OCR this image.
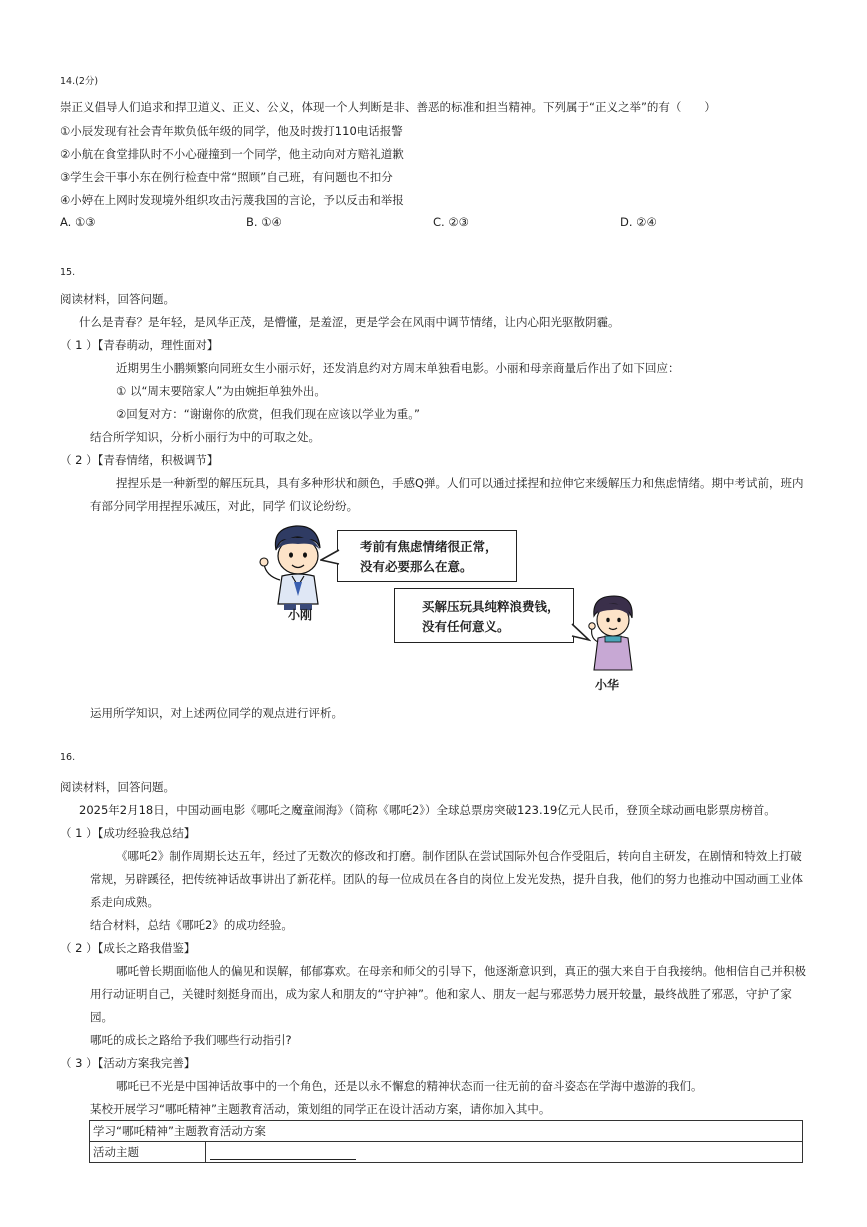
14.(2分)
崇正义倡导人们追求和捍卫道义、正义、公义，体现一个人判断是非、善恶的标准和担当精神。下列属于“正义之举”的有（　　）
①小辰发现有社会青年欺负低年级的同学，他及时拨打110电话报警
②小航在食堂排队时不小心碰撞到一个同学，他主动向对方赔礼道歉
③学生会干事小东在例行检查中常“照顾”自己班，有问题也不扣分
④小婷在上网时发现境外组织攻击污蔑我国的言论，予以反击和举报
A. ①③	B. ①④	C. ②③	D. ②④
15.
阅读材料，回答问题。
什么是青春？是年轻，是风华正茂，是懵懂，是羞涩，更是学会在风雨中调节情绪，让内心阳光驱散阴霾。
（ 1 ）【青春萌动，理性面对】
近期男生小鹏频繁向同班女生小丽示好，还发消息约对方周末单独看电影。小丽和母亲商量后作出了如下回应：
① 以“周末要陪家人”为由婉拒单独外出。
②回复对方：“谢谢你的欣赏，但我们现在应该以学业为重。”
结合所学知识，分析小丽行为中的可取之处。
（ 2 ）【青春情绪，积极调节】
捏捏乐是一种新型的解压玩具，具有多种形状和颜色，手感Q弹。人们可以通过揉捏和拉伸它来缓解压力和焦虑情绪。期中考试前，班内
有部分同学用捏捏乐减压，对此，同学 们议论纷纷。
小刚
考前有焦虑情绪很正常，
没有必要那么在意。
买解压玩具纯粹浪费钱，
没有任何意义。
小华
运用所学知识，对上述两位同学的观点进行评析。
16.
阅读材料，回答问题。
2025年2月18日，中国动画电影《哪吒之魔童闹海》（简称《哪吒2》）全球总票房突破123.19亿元人民币，登顶全球动画电影票房榜首。
（ 1 ）【成功经验我总结】
《哪吒2》制作周期长达五年，经过了无数次的修改和打磨。制作团队在尝试国际外包合作受阻后，转向自主研发，在剧情和特效上打破
常规，另辟蹊径，把传统神话故事讲出了新花样。团队的每一位成员在各自的岗位上发光发热，提升自我，他们的努力也推动中国动画工业体
系走向成熟。
结合材料，总结《哪吒2》的成功经验。
（ 2 ）【成长之路我借鉴】
哪吒曾长期面临他人的偏见和误解，郁郁寡欢。在母亲和师父的引导下，他逐渐意识到，真正的强大来自于自我接纳。他相信自己并积极
用行动证明自己，关键时刻挺身而出，成为家人和朋友的“守护神”。他和家人、朋友一起与邪恶势力展开较量，最终战胜了邪恶，守护了家
园。
哪吒的成长之路给予我们哪些行动指引?
（ 3 ）【活动方案我完善】
哪吒已不光是中国神话故事中的一个角色，还是以永不懈怠的精神状态而一往无前的奋斗姿态在学海中遨游的我们。
某校开展学习“哪吒精神”主题教育活动，策划组的同学正在设计活动方案，请你加入其中。
学习“哪吒精神”主题教育活动方案
活动主题	
